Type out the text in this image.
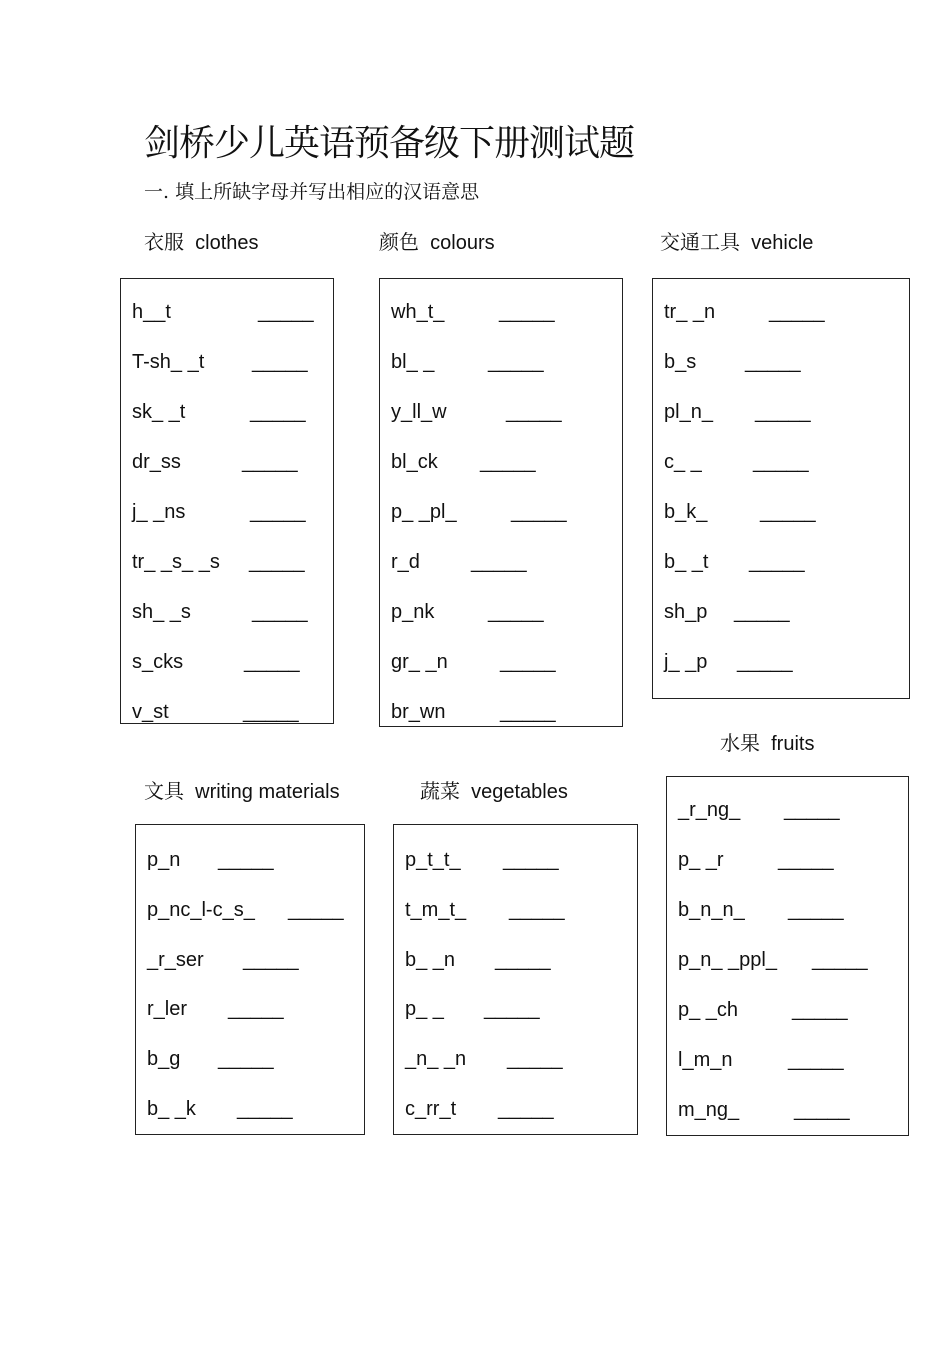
剑桥少儿英语预备级下册测试题
一. 填上所缺字母并写出相应的汉语意思
衣服 clothes	颜色 colours	交通工具 vehicle
文具 writing materials	蔬菜 vegetables
水果 fruits
h__t	_____
T-sh_ _t _____
sk_ _t	_____
dr_ss	_____
j_ _ns	_____
tr_ _s_ _s _____
sh_ _s	_____
s_cks	_____
v_st	_____
wh_t_	_____
bl_ _	_____
y_ll_w	_____
bl_ck _____
p_ _pl_	_____
r_d	_____
p_nk	_____
gr_ _n	_____
br_wn	_____
tr_ _n	_____
b_s _____
pl_n_ _____
c_ _	_____
b_k_	_____
b_ _t _____
sh_p _____
j_ _p _____
p_n _____
p_nc_l-c_s_ _____
_r_ser _____
r_ler _____
b_g _____
b_ _k _____
p_t_t_ _____
t_m_t_ _____
b_ _n _____
p_ _ _____
_n_ _n _____
c_rr_t _____
_r_ng_ _____
p_ _r	_____
b_n_n_ _____
p_n_ _ppl_ _____
p_ _ch	_____
l_m_n	_____
m_ng_	_____
